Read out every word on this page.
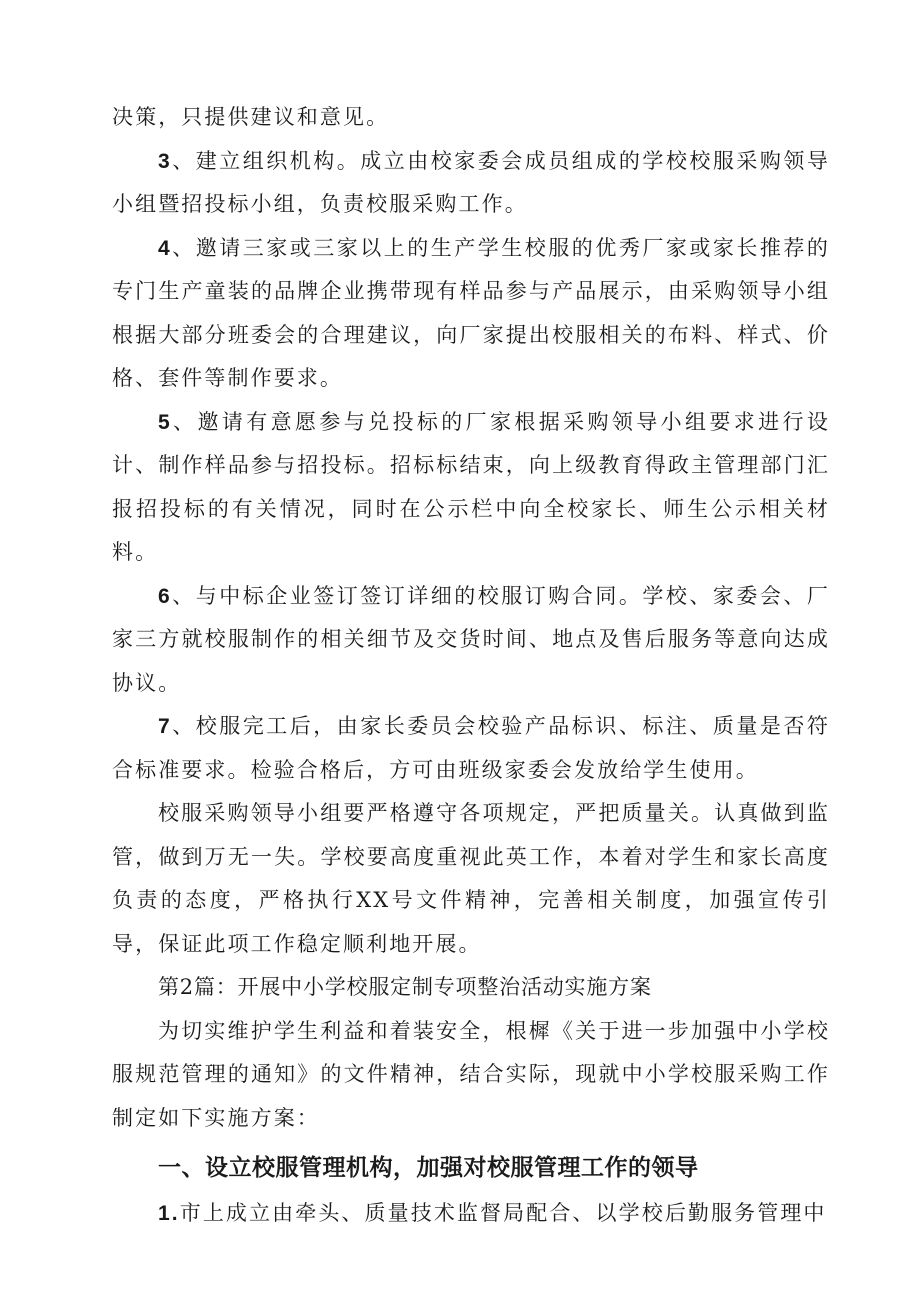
决策，只提供建议和意见。

3、建立组织机构。成立由校家委会成员组成的学校校服采购领导小组暨招投标小组，负责校服采购工作。

4、邀请三家或三家以上的生产学生校服的优秀厂家或家长推荐的专门生产童装的品牌企业携带现有样品参与产品展示，由采购领导小组根据大部分班委会的合理建议，向厂家提出校服相关的布料、样式、价格、套件等制作要求。

5、邀请有意愿参与兑投标的厂家根据采购领导小组要求进行设计、制作样品参与招投标。招标标结束，向上级教育得政主管理部门汇报招投标的有关情况，同时在公示栏中向全校家长、师生公示相关材料。

6、与中标企业签订签订详细的校服订购合同。学校、家委会、厂家三方就校服制作的相关细节及交货时间、地点及售后服务等意向达成协议。

7、校服完工后，由家长委员会校验产品标识、标注、质量是否符合标准要求。检验合格后，方可由班级家委会发放给学生使用。

校服采购领导小组要严格遵守各项规定，严把质量关。认真做到监管，做到万无一失。学校要高度重视此英工作，本着对学生和家长高度负责的态度，严格执行XX号文件精神，完善相关制度，加强宣传引导，保证此项工作稳定顺利地开展。

第2篇：开展中小学校服定制专项整治活动实施方案

为切实维护学生利益和着装安全，根樨《关于进一步加强中小学校服规范管理的通知》的文件精神，结合实际，现就中小学校服采购工作制定如下实施方案：

一、设立校服管理机构，加强对校服管理工作的领导

1.市上成立由牵头、质量技术监督局配合、以学校后勤服务管理中
